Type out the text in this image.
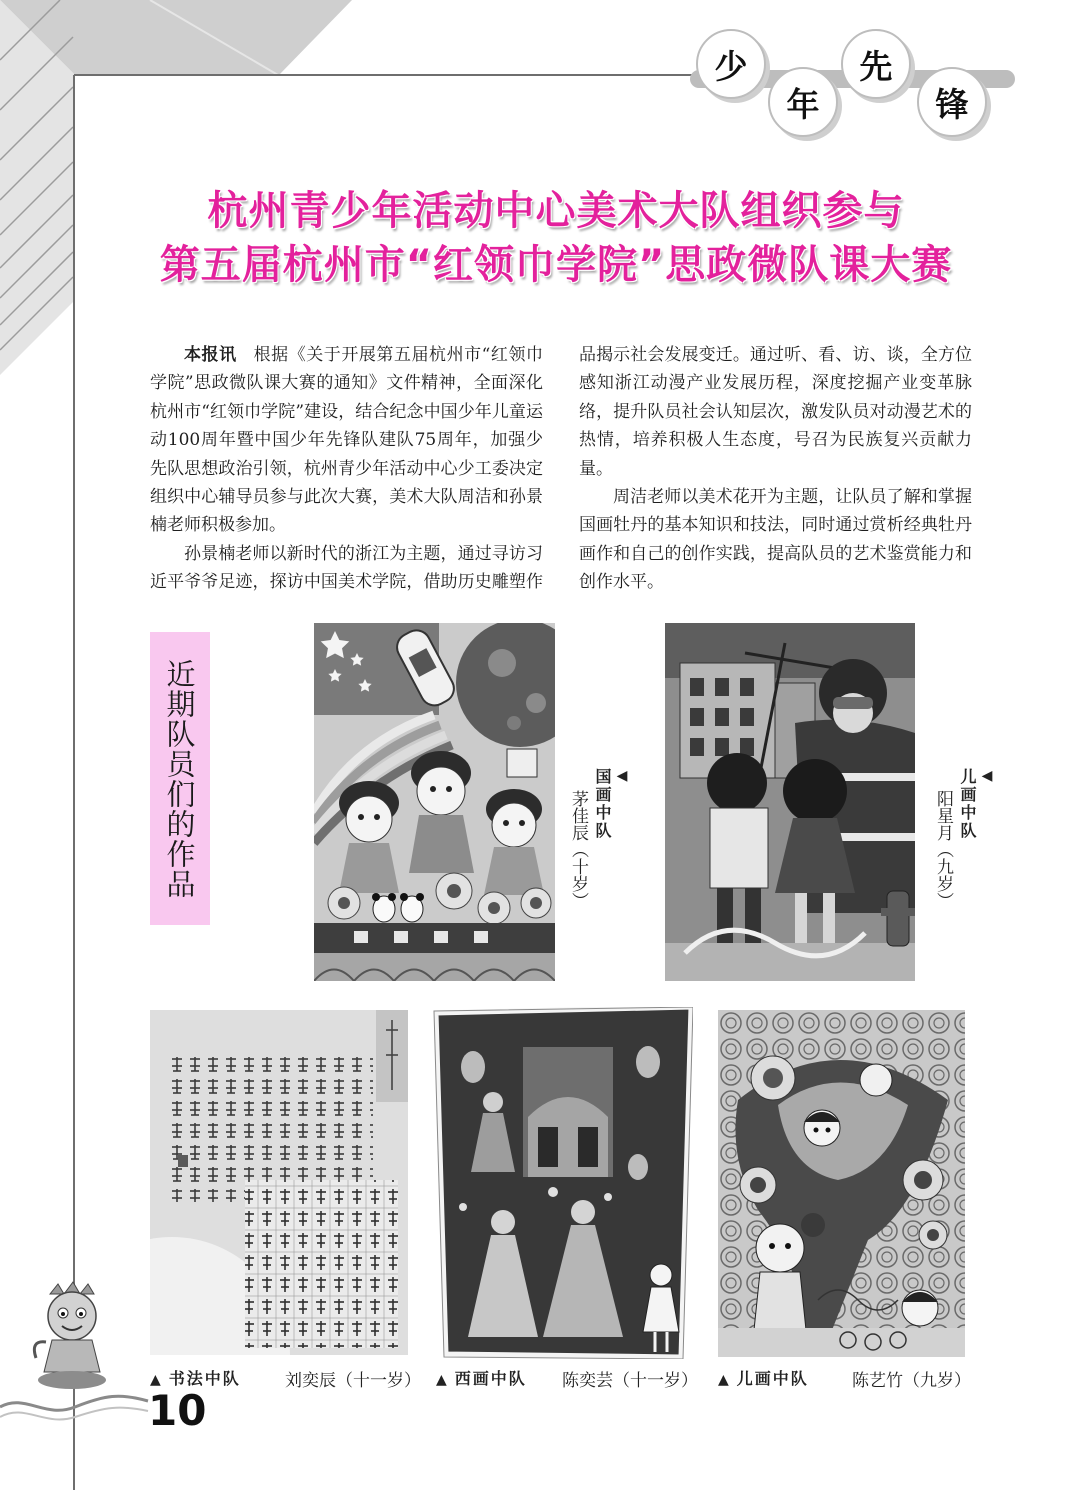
少
年
先
锋
杭州青少年活动中心美术大队组织参与
第五届杭州市“红领巾学院”思政微队课大赛

本报讯 根据《关于开展第五届杭州市“红领巾学院”思政微队课大赛的通知》文件精神，全面深化杭州市“红领巾学院”建设，结合纪念中国少年儿童运动100周年暨中国少年先锋队建队75周年，加强少先队思想政治引领，杭州青少年活动中心少工委决定组织中心辅导员参与此次大赛，美术大队周洁和孙景楠老师积极参加。

孙景楠老师以新时代的浙江为主题，通过寻访习近平爷爷足迹，探访中国美术学院，借助历史雕塑作品揭示社会发展变迁。通过听、看、访、谈，全方位感知浙江动漫产业发展历程，深度挖掘产业变革脉络，提升队员社会认知层次，激发队员对动漫艺术的热情，培养积极人生态度，号召为民族复兴贡献力量。

周洁老师以美术花开为主题，让队员了解和掌握国画牡丹的基本知识和技法，同时通过赏析经典牡丹画作和自己的创作实践，提高队员的艺术鉴赏能力和创作水平。

近期队员们的作品	◀
国画中队
茅佳辰（十岁）
◀
儿画中队
阳星月（九岁）
▲ 书法中队	刘奕辰（十一岁） ▲ 西画中队 陈奕芸（十一岁） ▲ 儿画中队	陈艺竹（九岁）
10
